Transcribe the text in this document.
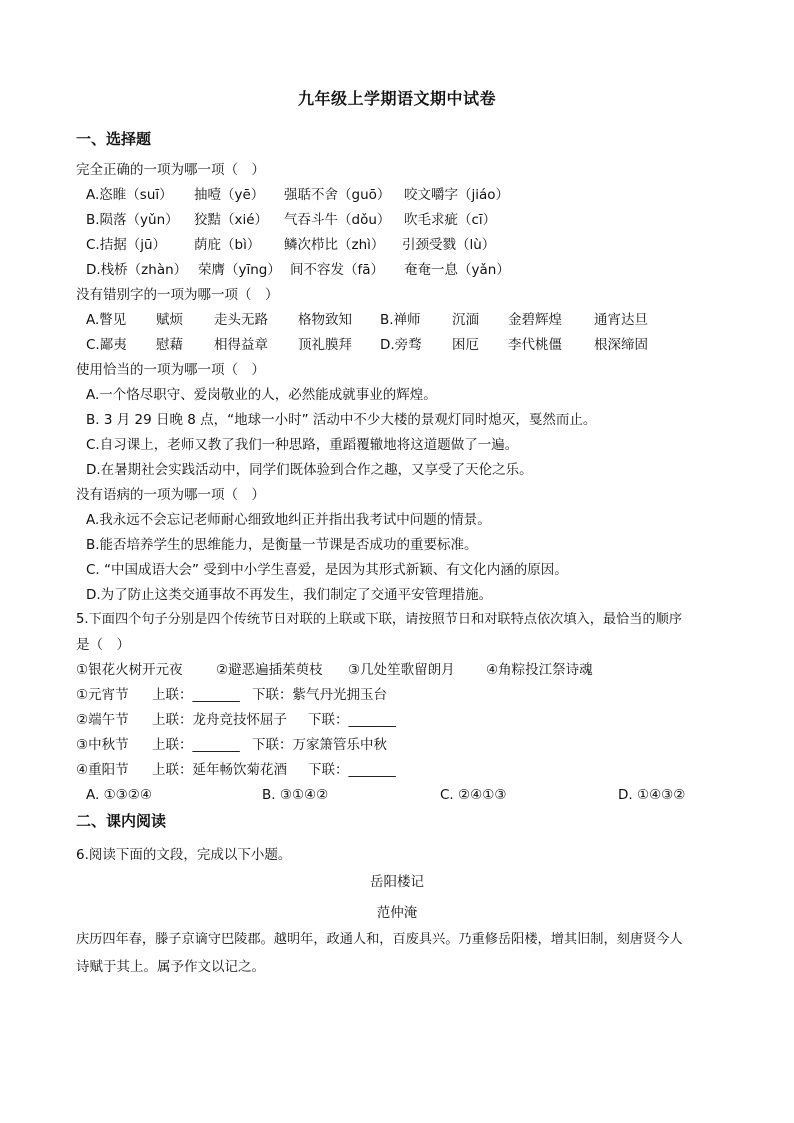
九年级上学期语文期中试卷
一、选择题
完全正确的一项为哪一项（　）
A.恣睢（suī） 抽噎（yē） 强聒不舍（guō） 咬文嚼字（jiáo）
B.陨落（yǔn） 狡黠（xié） 气吞斗牛（dǒu） 吹毛求疵（cī）
C.拮据（jū） 荫庇（bì） 鳞次栉比（zhì） 引颈受戮（lù）
D.栈桥（zhàn） 荣膺（yīng） 间不容发（fā） 奄奄一息（yǎn）
没有错别字的一项为哪一项（　）
A.瞥见 赋烦 走头无路 格物致知 B.禅师 沉湎 金碧辉煌 通宵达旦
C.鄙夷 慰藉 相得益章 顶礼膜拜 D.旁骛 困厄 李代桃僵 根深缔固
使用恰当的一项为哪一项（　）
A.一个恪尽职守、爱岗敬业的人，必然能成就事业的辉煌。
B. 3 月 29 日晚 8 点，“地球一小时” 活动中不少大楼的景观灯同时熄灭，戛然而止。
C.自习课上，老师又教了我们一种思路，重蹈覆辙地将这道题做了一遍。
D.在暑期社会实践活动中，同学们既体验到合作之趣，又享受了天伦之乐。
没有语病的一项为哪一项（　）
A.我永远不会忘记老师耐心细致地纠正并指出我考试中问题的情景。
B.能否培养学生的思维能力，是衡量一节课是否成功的重要标准。
C. “中国成语大会” 受到中小学生喜爱，是因为其形式新颖、有文化内涵的原因。
D.为了防止这类交通事故不再发生，我们制定了交通平安管理措施。
5.下面四个句子分别是四个传统节日对联的上联或下联，请按照节日和对联特点依次填入，最恰当的顺序
是（　）
①银花火树开元夜 ②避恶遍插茱萸枝 ③几处笙歌留朗月 ④角粽投江祭诗魂
①元宵节 上联：_______ 下联：紫气丹光拥玉台
②端午节 上联：龙舟竞技怀屈子 下联：_______
③中秋节 上联：_______ 下联：万家箫管乐中秋
④重阳节 上联：延年畅饮菊花酒 下联：_______
A. ①③②④	B. ③①④②	C. ②④①③	D. ①④③②
二、课内阅读
6.阅读下面的文段，完成以下小题。
岳阳楼记
范仲淹
庆历四年春，滕子京谪守巴陵郡。越明年，政通人和，百废具兴。乃重修岳阳楼，增其旧制，刻唐贤今人
诗赋于其上。属予作文以记之。
